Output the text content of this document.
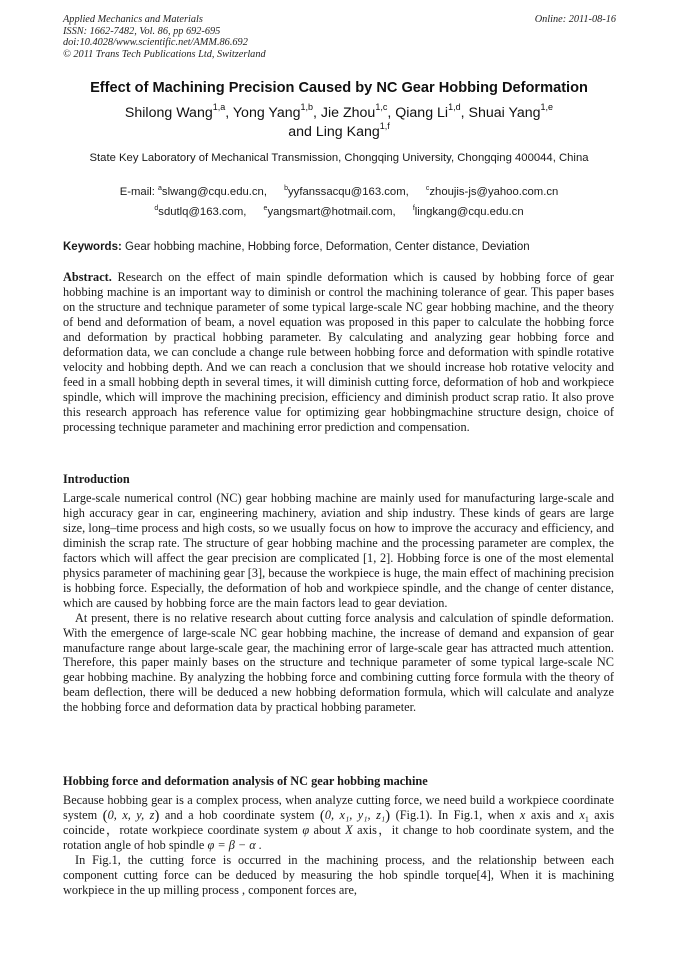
Applied Mechanics and Materials
ISSN: 1662-7482, Vol. 86, pp 692-695
doi:10.4028/www.scientific.net/AMM.86.692
© 2011 Trans Tech Publications Ltd, Switzerland
Online: 2011-08-16
Effect of Machining Precision Caused by NC Gear Hobbing Deformation
Shilong Wang$^{1,a}$, Yong Yang$^{1,b}$, Jie Zhou$^{1,c}$, Qiang Li$^{1,d}$, Shuai Yang$^{1,e}$
and Ling Kang$^{1,f}$
State Key Laboratory of Mechanical Transmission, Chongqing University, Chongqing 400044, China
E-mail: $^a$slwang@cqu.edu.cn, $^b$yyfanssacqu@163.com, $^c$zhoujis-js@yahoo.com.cn
$^d$sdutlq@163.com, $^e$yangsmart@hotmail.com, $^f$lingkang@cqu.edu.cn
Keywords: Gear hobbing machine, Hobbing force, Deformation, Center distance, Deviation

Abstract. Research on the effect of main spindle deformation which is caused by hobbing force of gear hobbing machine is an important way to diminish or control the machining tolerance of gear. This paper bases on the structure and technique parameter of some typical large-scale NC gear hobbing machine, and the theory of bend and deformation of beam, a novel equation was proposed in this paper to calculate the hobbing force and deformation by practical hobbing parameter. By calculating and analyzing gear hobbing force and deformation data, we can conclude a change rule between hobbing force and deformation with spindle rotative velocity and hobbing depth. And we can reach a conclusion that we should increase hob rotative velocity and feed in a small hobbing depth in several times, it will diminish cutting force, deformation of hob and workpiece spindle, which will improve the machining precision, efficiency and diminish product scrap ratio. It also prove this research approach has reference value for optimizing gear hobbingmachine structure design, choice of processing technique parameter and machining error prediction and compensation.

Introduction

Large-scale numerical control (NC) gear hobbing machine are mainly used for manufacturing large-scale and high accuracy gear in car, engineering machinery, aviation and ship industry. These kinds of gears are large size, long–time process and high costs, so we usually focus on how to improve the accuracy and efficiency, and diminish the scrap rate. The structure of gear hobbing machine and the processing parameter are complex, the factors which will affect the gear precision are complicated [1, 2]. Hobbing force is one of the most elemental physics parameter of machining gear [3], because the workpiece is huge, the main effect of machining precision is hobbing force. Especially, the deformation of hob and workpiece spindle, and the change of center distance, which are caused by hobbing force are the main factors lead to gear deviation.

At present, there is no relative research about cutting force analysis and calculation of spindle deformation. With the emergence of large-scale NC gear hobbing machine, the increase of demand and expansion of gear manufacture range about large-scale gear, the machining error of large-scale gear has attracted much attention. Therefore, this paper mainly bases on the structure and technique parameter of some typical large-scale NC gear hobbing machine. By analyzing the hobbing force and combining cutting force formula with the theory of beam deflection, there will be deduced a new hobbing deformation formula, which will calculate and analyze the hobbing force and deformation data by practical hobbing parameter.

Hobbing force and deformation analysis of NC gear hobbing machine

Because hobbing gear is a complex process, when analyze cutting force, we need build a workpiece coordinate system (0, x, y, z) and a hob coordinate system (0, x₁, y₁, z₁) (Fig.1). In Fig.1, when x axis and $x_1$ axis coincide，rotate workpiece coordinate system φ about X axis，it change to hob coordinate system, and the rotation angle of hob spindle φ = β − α .

In Fig.1, the cutting force is occurred in the machining process, and the relationship between each component cutting force can be deduced by measuring the hob spindle torque[4], When it is machining workpiece in the up milling process , component forces are,
